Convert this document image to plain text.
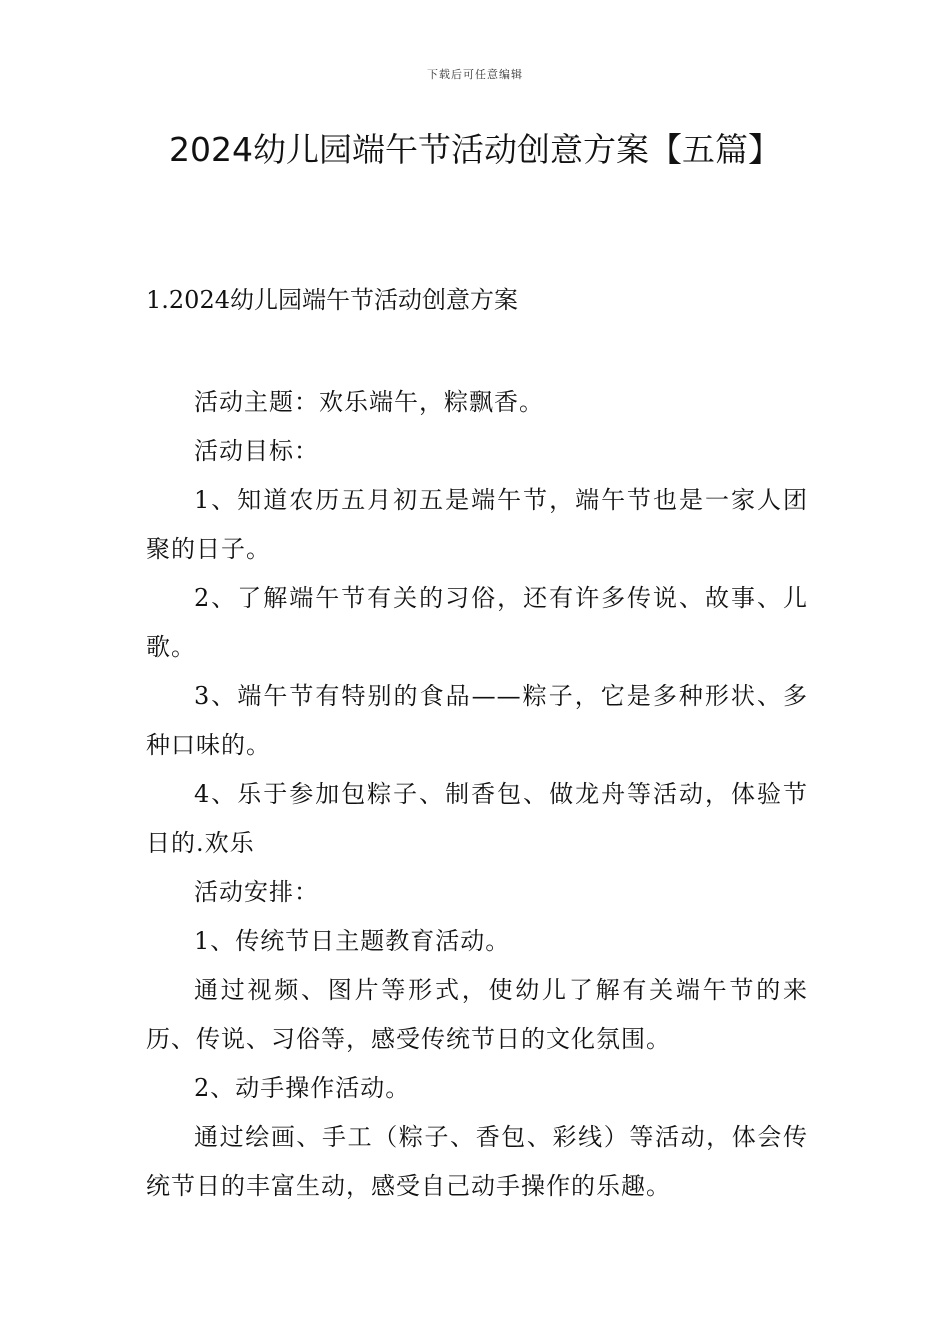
下载后可任意编辑
2024幼儿园端午节活动创意方案【五篇】
1.2024幼儿园端午节活动创意方案

活动主题：欢乐端午，粽飘香。

活动目标：

1、知道农历五月初五是端午节，端午节也是一家人团聚的日子。

2、了解端午节有关的习俗，还有许多传说、故事、儿歌。

3、端午节有特别的食品——粽子，它是多种形状、多种口味的。

4、乐于参加包粽子、制香包、做龙舟等活动，体验节日的.欢乐

活动安排：

1、传统节日主题教育活动。

通过视频、图片等形式，使幼儿了解有关端午节的来历、传说、习俗等，感受传统节日的文化氛围。

2、动手操作活动。

通过绘画、手工（粽子、香包、彩线）等活动，体会传统节日的丰富生动，感受自己动手操作的乐趣。
